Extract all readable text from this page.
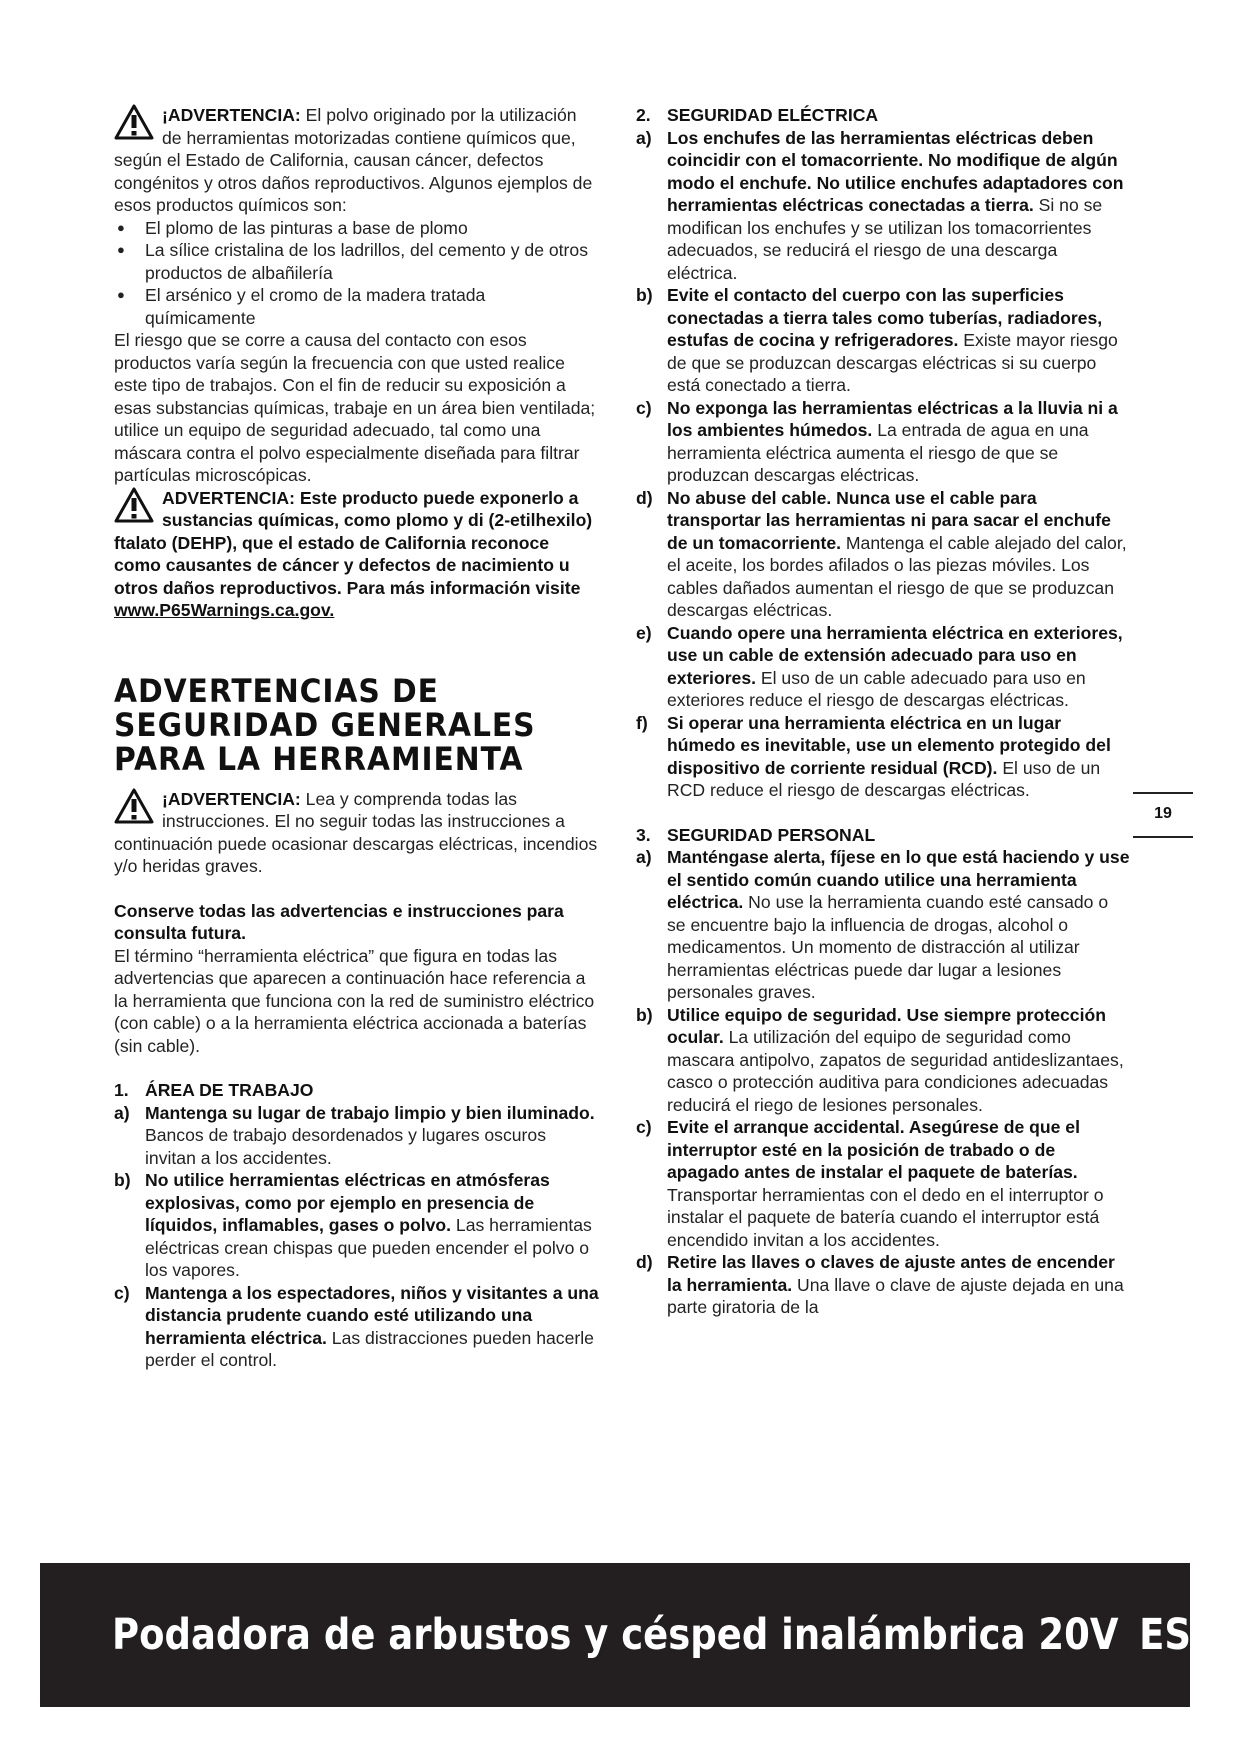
¡ADVERTENCIA: El polvo originado por la utilización de herramientas motorizadas contiene químicos que, según el Estado de California, causan cáncer, defectos congénitos y otros daños reproductivos. Algunos ejemplos de esos productos químicos son:

● El plomo de las pinturas a base de plomo
● La sílice cristalina de los ladrillos, del cemento y de otros productos de albañilería
● El arsénico y el cromo de la madera tratada químicamente

El riesgo que se corre a causa del contacto con esos productos varía según la frecuencia con que usted realice este tipo de trabajos. Con el fin de reducir su exposición a esas substancias químicas, trabaje en un área bien ventilada; utilice un equipo de seguridad adecuado, tal como una máscara contra el polvo especialmente diseñada para filtrar partículas microscópicas.

ADVERTENCIA: Este producto puede exponerlo a sustancias químicas, como plomo y di (2-etilhexilo) ftalato (DEHP), que el estado de California reconoce como causantes de cáncer y defectos de nacimiento u otros daños reproductivos. Para más información visite www.P65Warnings.ca.gov.

ADVERTENCIAS DE
SEGURIDAD GENERALES
PARA LA HERRAMIENTA

¡ADVERTENCIA: Lea y comprenda todas las instrucciones. El no seguir todas las instrucciones a continuación puede ocasionar descargas eléctricas, incendios y/o heridas graves.

Conserve todas las advertencias e instrucciones para consulta futura.

El término “herramienta eléctrica” que figura en todas las advertencias que aparecen a continuación hace referencia a la herramienta que funciona con la red de suministro eléctrico (con cable) o a la herramienta eléctrica accionada a baterías (sin cable).

1. ÁREA DE TRABAJO

a) Mantenga su lugar de trabajo limpio y bien iluminado. Bancos de trabajo desordenados y lugares oscuros invitan a los accidentes.
b) No utilice herramientas eléctricas en atmósferas explosivas, como por ejemplo en presencia de líquidos, inflamables, gases o polvo. Las herramientas eléctricas crean chispas que pueden encender el polvo o los vapores.
c) Mantenga a los espectadores, niños y visitantes a una distancia prudente cuando esté utilizando una herramienta eléctrica. Las distracciones pueden hacerle perder el control.

2. SEGURIDAD ELÉCTRICA

a) Los enchufes de las herramientas eléctricas deben coincidir con el tomacorriente. No modifique de algún modo el enchufe. No utilice enchufes adaptadores con herramientas eléctricas conectadas a tierra. Si no se modifican los enchufes y se utilizan los tomacorrientes adecuados, se reducirá el riesgo de una descarga eléctrica.
b) Evite el contacto del cuerpo con las superficies conectadas a tierra tales como tuberías, radiadores, estufas de cocina y refrigeradores. Existe mayor riesgo de que se produzcan descargas eléctricas si su cuerpo está conectado a tierra.
c) No exponga las herramientas eléctricas a la lluvia ni a los ambientes húmedos. La entrada de agua en una herramienta eléctrica aumenta el riesgo de que se produzcan descargas eléctricas.
d) No abuse del cable. Nunca use el cable para transportar las herramientas ni para sacar el enchufe de un tomacorriente. Mantenga el cable alejado del calor, el aceite, los bordes afilados o las piezas móviles. Los cables dañados aumentan el riesgo de que se produzcan descargas eléctricas.
e) Cuando opere una herramienta eléctrica en exteriores, use un cable de extensión adecuado para uso en exteriores. El uso de un cable adecuado para uso en exteriores reduce el riesgo de descargas eléctricas.
f) Si operar una herramienta eléctrica en un lugar húmedo es inevitable, use un elemento protegido del dispositivo de corriente residual (RCD). El uso de un RCD reduce el riesgo de descargas eléctricas.

3. SEGURIDAD PERSONAL

a) Manténgase alerta, fíjese en lo que está haciendo y use el sentido común cuando utilice una herramienta eléctrica. No use la herramienta cuando esté cansado o se encuentre bajo la influencia de drogas, alcohol o medicamentos. Un momento de distracción al utilizar herramientas eléctricas puede dar lugar a lesiones personales graves.
b) Utilice equipo de seguridad. Use siempre protección ocular. La utilización del equipo de seguridad como mascara antipolvo, zapatos de seguridad antideslizantaes, casco o protección auditiva para condiciones adecuadas reducirá el riego de lesiones personales.
c) Evite el arranque accidental. Asegúrese de que el interruptor esté en la posición de trabado o de apagado antes de instalar el paquete de baterías. Transportar herramientas con el dedo en el interruptor o instalar el paquete de batería cuando el interruptor está encendido invitan a los accidentes.
d) Retire las llaves o claves de ajuste antes de encender la herramienta. Una llave o clave de ajuste dejada en una parte giratoria de la
19
Podadora de arbustos y césped inalámbrica 20V ES
